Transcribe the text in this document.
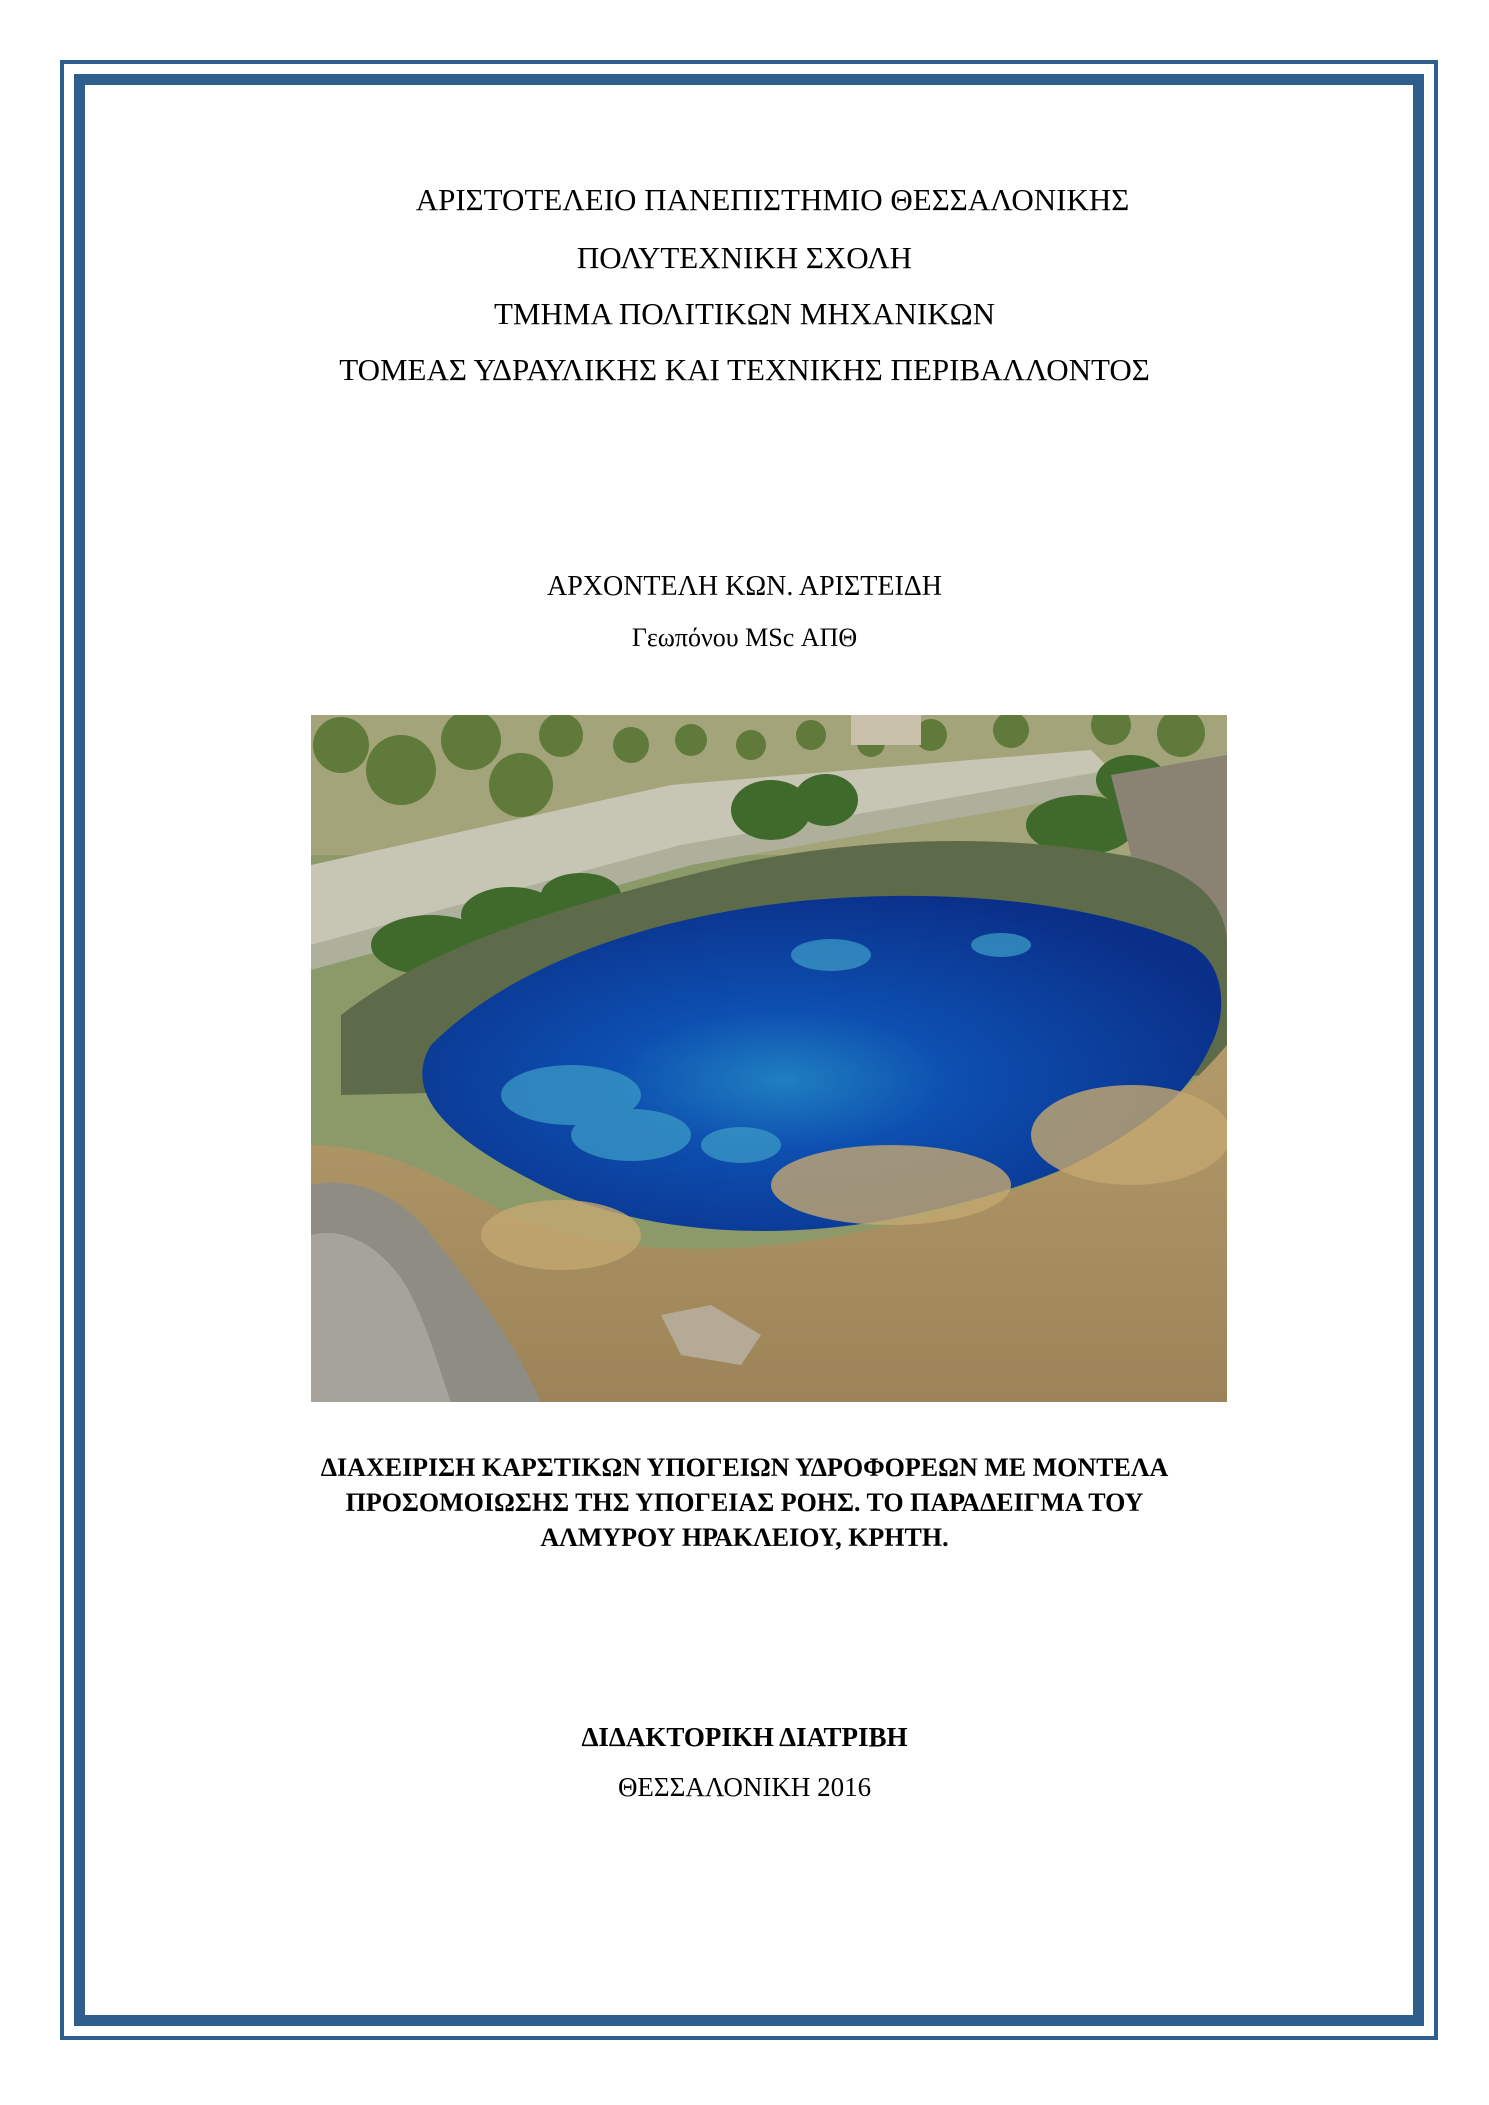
ΑΡΙΣΤΟΤΕΛΕΙΟ ΠΑΝΕΠΙΣΤΗΜΙΟ ΘΕΣΣΑΛΟΝΙΚΗΣ
ΠΟΛΥΤΕΧΝΙΚΗ ΣΧΟΛΗ
ΤΜΗΜΑ ΠΟΛΙΤΙΚΩΝ ΜΗΧΑΝΙΚΩΝ
ΤΟΜΕΑΣ ΥΔΡΑΥΛΙΚΗΣ ΚΑΙ ΤΕΧΝΙΚΗΣ ΠΕΡΙΒΑΛΛΟΝΤΟΣ
ΑΡΧΟΝΤΕΛΗ ΚΩΝ. ΑΡΙΣΤΕΙΔΗ
Γεωπόνου MSc ΑΠΘ
ΔΙΑΧΕΙΡΙΣΗ ΚΑΡΣΤΙΚΩΝ ΥΠΟΓΕΙΩΝ ΥΔΡΟΦΟΡΕΩΝ ΜΕ ΜΟΝΤΕΛΑ
ΠΡΟΣΟΜΟΙΩΣΗΣ ΤΗΣ ΥΠΟΓΕΙΑΣ ΡΟΗΣ. ΤΟ ΠΑΡΑΔΕΙΓΜΑ ΤΟΥ
ΑΛΜΥΡΟΥ ΗΡΑΚΛΕΙΟΥ, ΚΡΗΤΗ.
ΔΙΔΑΚΤΟΡΙΚΗ ΔΙΑΤΡΙΒΗ
ΘΕΣΣΑΛΟΝΙΚΗ 2016
